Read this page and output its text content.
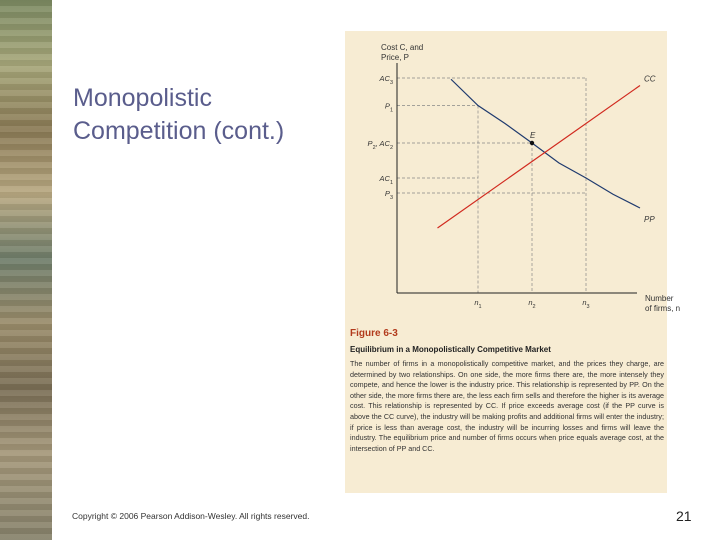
Monopolistic Competition (cont.)
PP
CC
E
$AC_3$
$P_1$
$P_2$, $AC_2$
$AC_1$
$P_3$
$n_1$	$n_2$	$n_3$
Cost C, and
Price, P
Number
of firms, n

Figure 6-3

Equilibrium in a Monopolistically Competitive Market

The number of firms in a monopolistically competitive market, and the prices they charge, are determined by two relationships. On one side, the more firms there are, the more intensely they compete, and hence the lower is the industry price. This relationship is represented by PP. On the other side, the more firms there are, the less each firm sells and therefore the higher is its average cost. This relationship is represented by CC. If price exceeds average cost (if the PP curve is above the CC curve), the industry will be making profits and additional firms will enter the industry; if price is less than average cost, the industry will be incurring losses and firms will leave the industry. The equilibrium price and number of firms occurs when price equals average cost, at the intersection of PP and CC.

Copyright © 2006 Pearson Addison-Wesley. All rights reserved.	21
